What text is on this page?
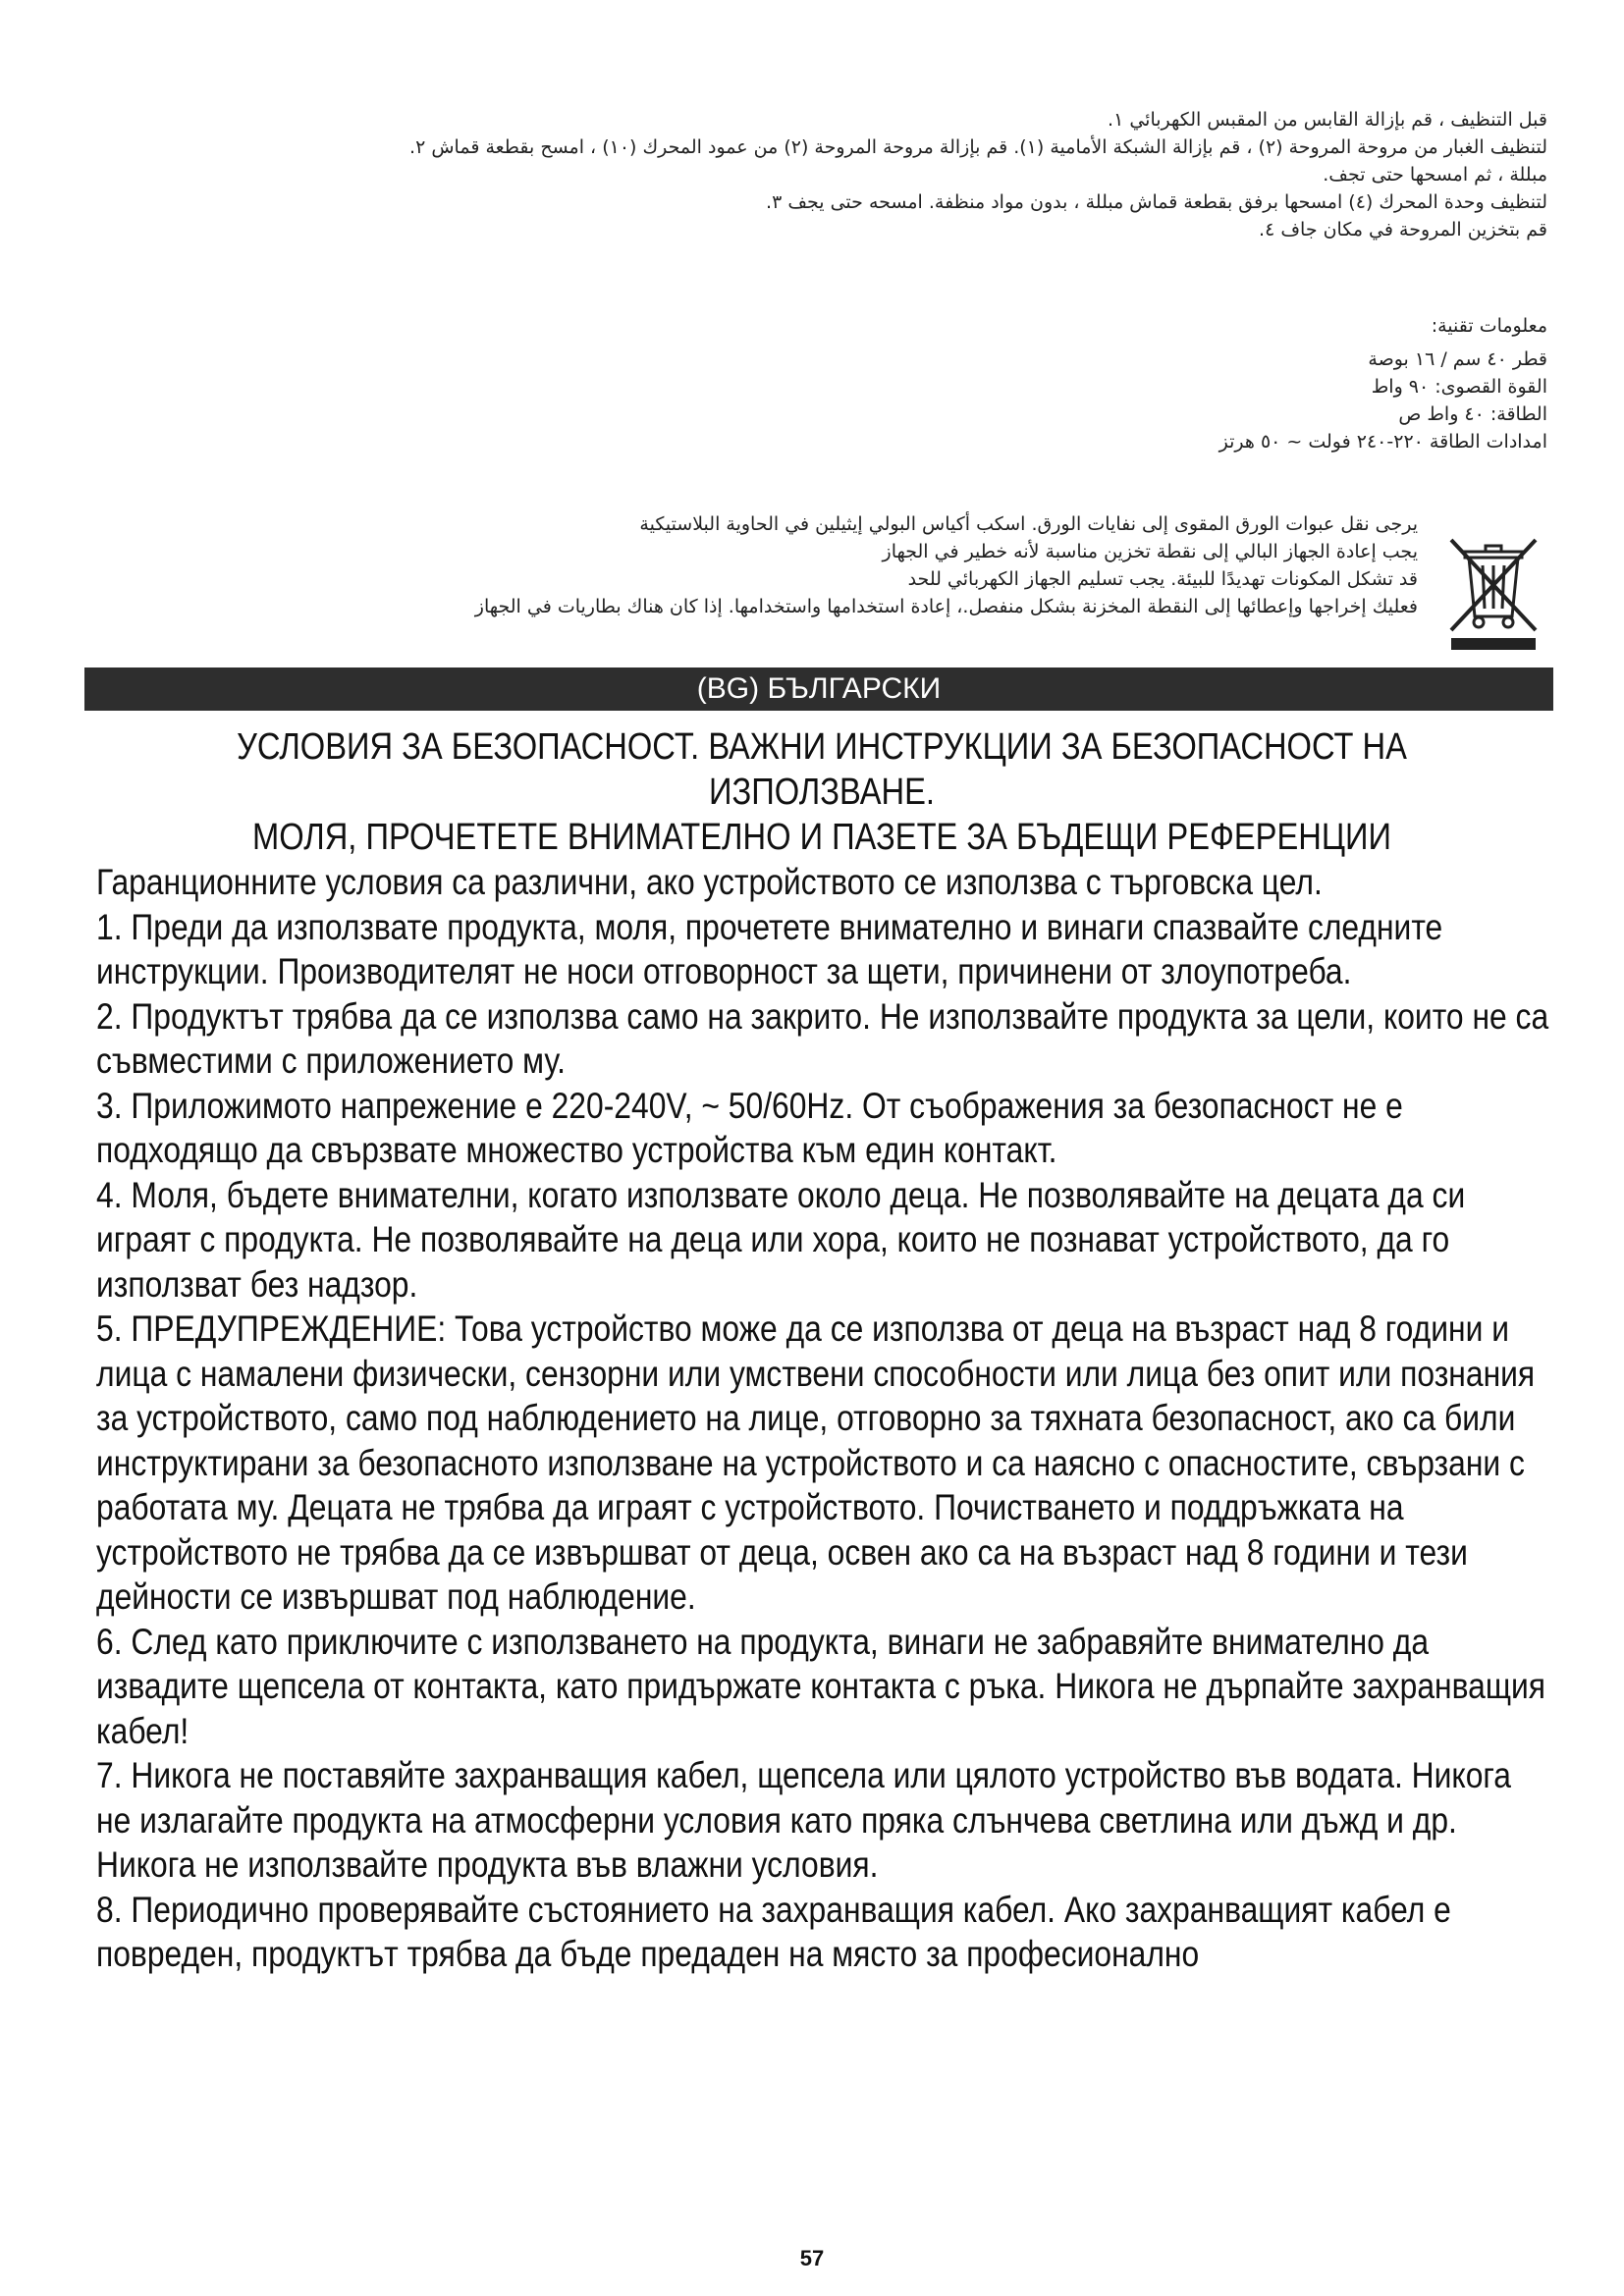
قبل التنظيف ، قم بإزالة القابس من المقبس الكهربائي ١.

لتنظيف الغبار من مروحة المروحة (٢) ، قم بإزالة الشبكة الأمامية (١). قم بإزالة مروحة المروحة (٢) من عمود المحرك (١٠) ، امسح بقطعة قماش ٢.

مبللة ، ثم امسحها حتى تجف.

لتنظيف وحدة المحرك (٤) امسحها برفق بقطعة قماش مبللة ، بدون مواد منظفة. امسحه حتى يجف ٣.

قم بتخزين المروحة في مكان جاف ٤.

معلومات تقنية:

قطر ٤٠ سم / ١٦ بوصة

القوة القصوى: ٩٠ واط

الطاقة: ٤٠ واط ص

امدادات الطاقة ٢٢٠-٢٤٠ فولت ~ ٥٠ هرتز

يرجى نقل عبوات الورق المقوى إلى نفايات الورق. اسكب أكياس البولي إيثيلين في الحاوية البلاستيكية

يجب إعادة الجهاز البالي إلى نقطة تخزين مناسبة لأنه خطير في الجهاز

قد تشكل المكونات تهديدًا للبيئة. يجب تسليم الجهاز الكهربائي للحد

فعليك إخراجها وإعطائها إلى النقطة المخزنة بشكل منفصل.، إعادة استخدامها واستخدامها. إذا كان هناك بطاريات في الجهاز

(BG) БЪЛГАРСКИ

УСЛОВИЯ ЗА БЕЗОПАСНОСТ. ВАЖНИ ИНСТРУКЦИИ ЗА БЕЗОПАСНОСТ НА

ИЗПОЛЗВАНЕ.

МОЛЯ, ПРОЧЕТЕТЕ ВНИМАТЕЛНО И ПАЗЕТЕ ЗА БЪДЕЩИ РЕФЕРЕНЦИИ

Гаранционните условия са различни, ако устройството се използва с търговска цел.

1. Преди да използвате продукта, моля, прочетете внимателно и винаги спазвайте следните инструкции. Производителят не носи отговорност за щети, причинени от злоупотреба.

2. Продуктът трябва да се използва само на закрито. Не използвайте продукта за цели, които не са съвместими с приложението му.

3. Приложимото напрежение е 220-240V, ~ 50/60Hz. От съображения за безопасност не е подходящо да свързвате множество устройства към един контакт.

4. Моля, бъдете внимателни, когато използвате около деца. Не позволявайте на децата да си играят с продукта. Не позволявайте на деца или хора, които не познават устройството, да го използват без надзор.

5. ПРЕДУПРЕЖДЕНИЕ: Това устройство може да се използва от деца на възраст над 8 години и лица с намалени физически, сензорни или умствени способности или лица без опит или познания за устройството, само под наблюдението на лице, отговорно за тяхната безопасност, ако са били инструктирани за безопасното използване на устройството и са наясно с опасностите, свързани с работата му. Децата не трябва да играят с устройството. Почистването и поддръжката на устройството не трябва да се извършват от деца, освен ако са на възраст над 8 години и тези дейности се извършват под наблюдение.

6. След като приключите с използването на продукта, винаги не забравяйте внимателно да извадите щепсела от контакта, като придържате контакта с ръка. Никога не дърпайте захранващия кабел!

7. Никога не поставяйте захранващия кабел, щепсела или цялото устройство във водата. Никога не излагайте продукта на атмосферни условия като пряка слънчева светлина или дъжд и др. Никога не използвайте продукта във влажни условия.

8. Периодично проверявайте състоянието на захранващия кабел. Ако захранващият кабел е повреден, продуктът трябва да бъде предаден на място за професионално

57
